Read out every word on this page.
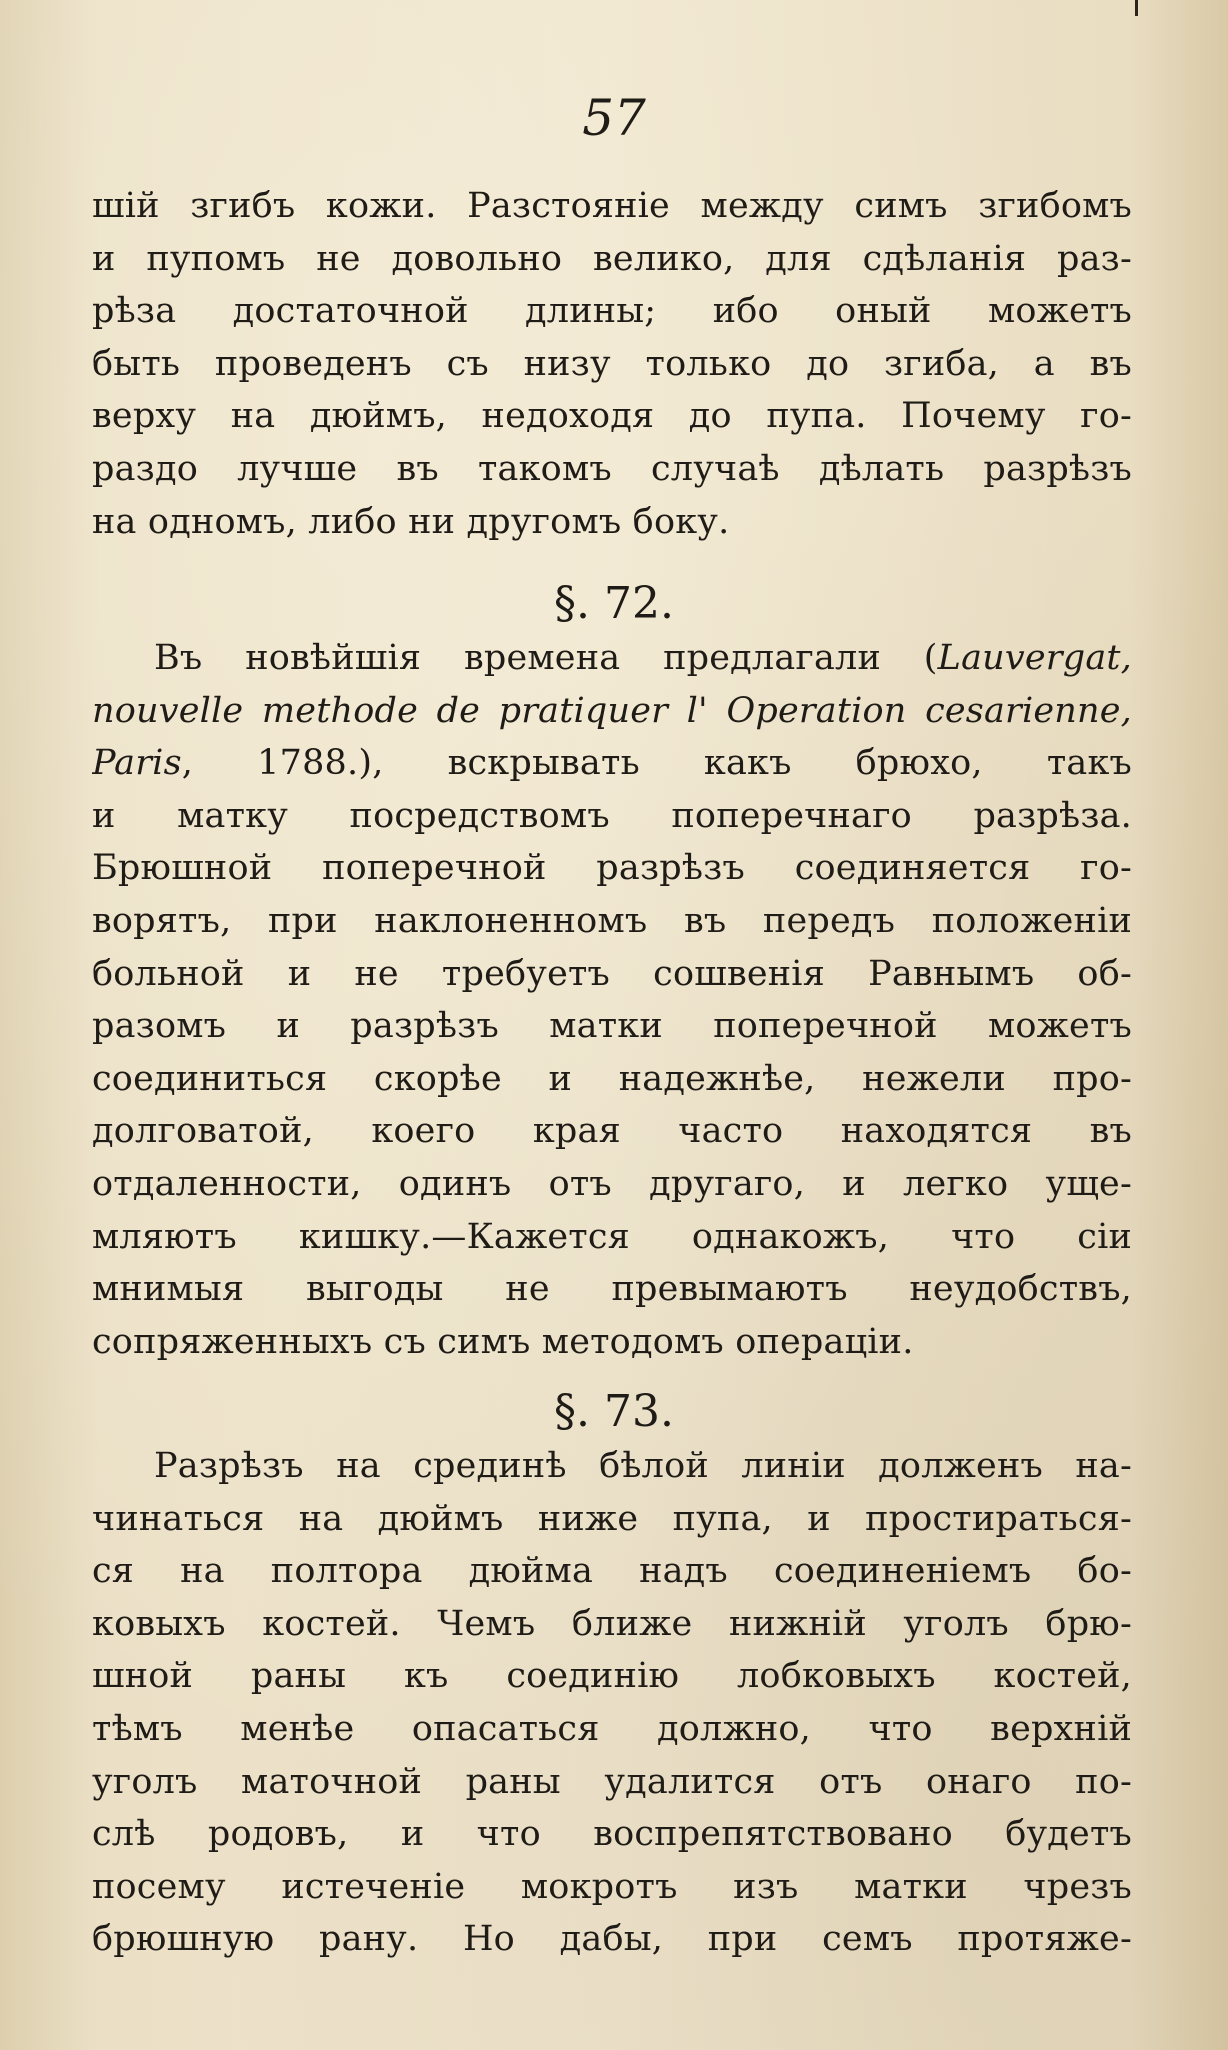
57
шій згибъ кожи. Разстояніе между симъ згибомъ
и пупомъ не довольно велико, для сдѣланія раз-
рѣза достаточной длины; ибо оный можетъ
быть проведенъ съ низу только до згиба, а въ
верху на дюймъ, недоходя до пупа. Почему го-
раздо лучше въ такомъ случаѣ дѣлать разрѣзъ
на одномъ, либо ни другомъ боку.
§. 72.
Въ новѣйшія времена предлагали (Lauvergat,
nouvelle methode de pratiquer l' Operation cesarienne,
Paris, 1788.), вскрывать какъ брюхо, такъ
и матку посредствомъ поперечнаго разрѣза.
Брюшной поперечной разрѣзъ соединяется го-
ворятъ, при наклоненномъ въ передъ положеніи
больной и не требуетъ сошвенія Равнымъ об-
разомъ и разрѣзъ матки поперечной можетъ
соединиться скорѣе и надежнѣе, нежели про-
долговатой, коего края часто находятся въ
отдаленности, одинъ отъ другаго, и легко уще-
мляютъ кишку.—Кажется однакожъ, что сіи
мнимыя выгоды не превымаютъ неудобствъ,
сопряженныхъ съ симъ методомъ операціи.
§. 73.
Разрѣзъ на срединѣ бѣлой линіи долженъ на-
чинаться на дюймъ ниже пупа, и простираться-
ся на полтора дюйма надъ соединеніемъ бо-
ковыхъ костей. Чемъ ближе нижній уголъ брю-
шной раны къ соединію лобковыхъ костей,
тѣмъ менѣе опасаться должно, что верхній
уголъ маточной раны удалится отъ онаго по-
слѣ родовъ, и что воспрепятствовано будетъ
посему истеченіе мокротъ изъ матки чрезъ
брюшную рану. Но дабы, при семъ протяже-
